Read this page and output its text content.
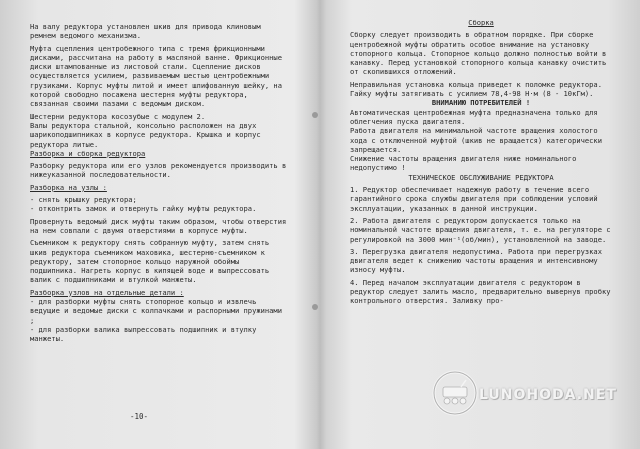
На валу редуктора установлен шкив для привода клиновым ремнем ведомого механизма.

Муфта сцепления центробежного типа с тремя фрикционными дисками, рассчитана на работу в масляной ванне. Фрикционные диски штампованные из листовой стали. Сцепление дисков осуществляется усилием, развиваемым шестью центробежными грузиками. Корпус муфты литой и имеет шлифованную шейку, на которой свободно посажена шестерня муфты редуктора, связанная своими пазами с ведомым диском.

Шестерни редуктора косозубые с модулем 2.

Валы редуктора стальной, консольно расположен на двух шарикоподшипниках в корпусе редуктора. Крышка и корпус редуктора литые.

Разборка и сборка редуктора

Разборку редуктора или его узлов рекомендуется производить в нижеуказанной последовательности.

Разборка на узлы :

- снять крышку редуктора;

- отконтрить замок и отвернуть гайку муфты редуктора.

Провернуть ведомый диск муфты таким образом, чтобы отверстия на нем совпали с двумя отверстиями в корпусе муфты.

Съемником к редуктору снять собранную муфту, затем снять шкив редуктора съемником маховика, шестерню-съемником к редуктору, затем стопорное кольцо наружной обоймы подшипника. Нагреть корпус в кипящей воде и выпрессовать валик с подшипниками и втулкой манжеты.

Разборка узлов на отдельные детали :

- для разборки муфты снять стопорное кольцо и извлечь ведущие и ведомые диски с колпачками и распорными пружинами ;

- для разборки валика выпрессовать подшипник и втулку манжеты.

-10-

Сборка

Сборку следует производить в обратном порядке. При сборке центробежной муфты обратить особое внимание на установку стопорного кольца. Стопорное кольцо должно полностью войти в канавку. Перед установкой стопорного кольца канавку очистить от скопившихся отложений.

Неправильная установка кольца приведет к поломке редуктора.

Гайку муфты затягивать с усилием 78,4-98 Н·м (8 - 10кГм).

ВНИМАНИЮ ПОТРЕБИТЕЛЕЙ !

Автоматическая центробежная муфта предназначена только для облегчения пуска двигателя.

Работа двигателя на минимальной частоте вращения холостого хода с отключенной муфтой (шкив не вращается) категорически запрещается.

Снижение частоты вращения двигателя ниже номинального недопустимо !

ТЕХНИЧЕСКОЕ ОБСЛУЖИВАНИЕ РЕДУКТОРА

1. Редуктор обеспечивает надежную работу в течение всего гарантийного срока службы двигателя при соблюдении условий эксплуатации, указанных в данной инструкции.

2. Работа двигателя с редуктором допускается только на номинальной частоте вращения двигателя, т. е. на регуляторе с регулировкой на 3000 мин⁻¹(об/мин), установленной на заводе.

3. Перегрузка двигателя недопустима. Работа при перегрузках двигателя ведет к снижению частоты вращения и интенсивному износу муфты.

4. Перед началом эксплуатации двигателя с редуктором в редуктор следует залить масло, предварительно вывернув пробку контрольного отверстия. Заливку про-

LUNOHODA.NET
